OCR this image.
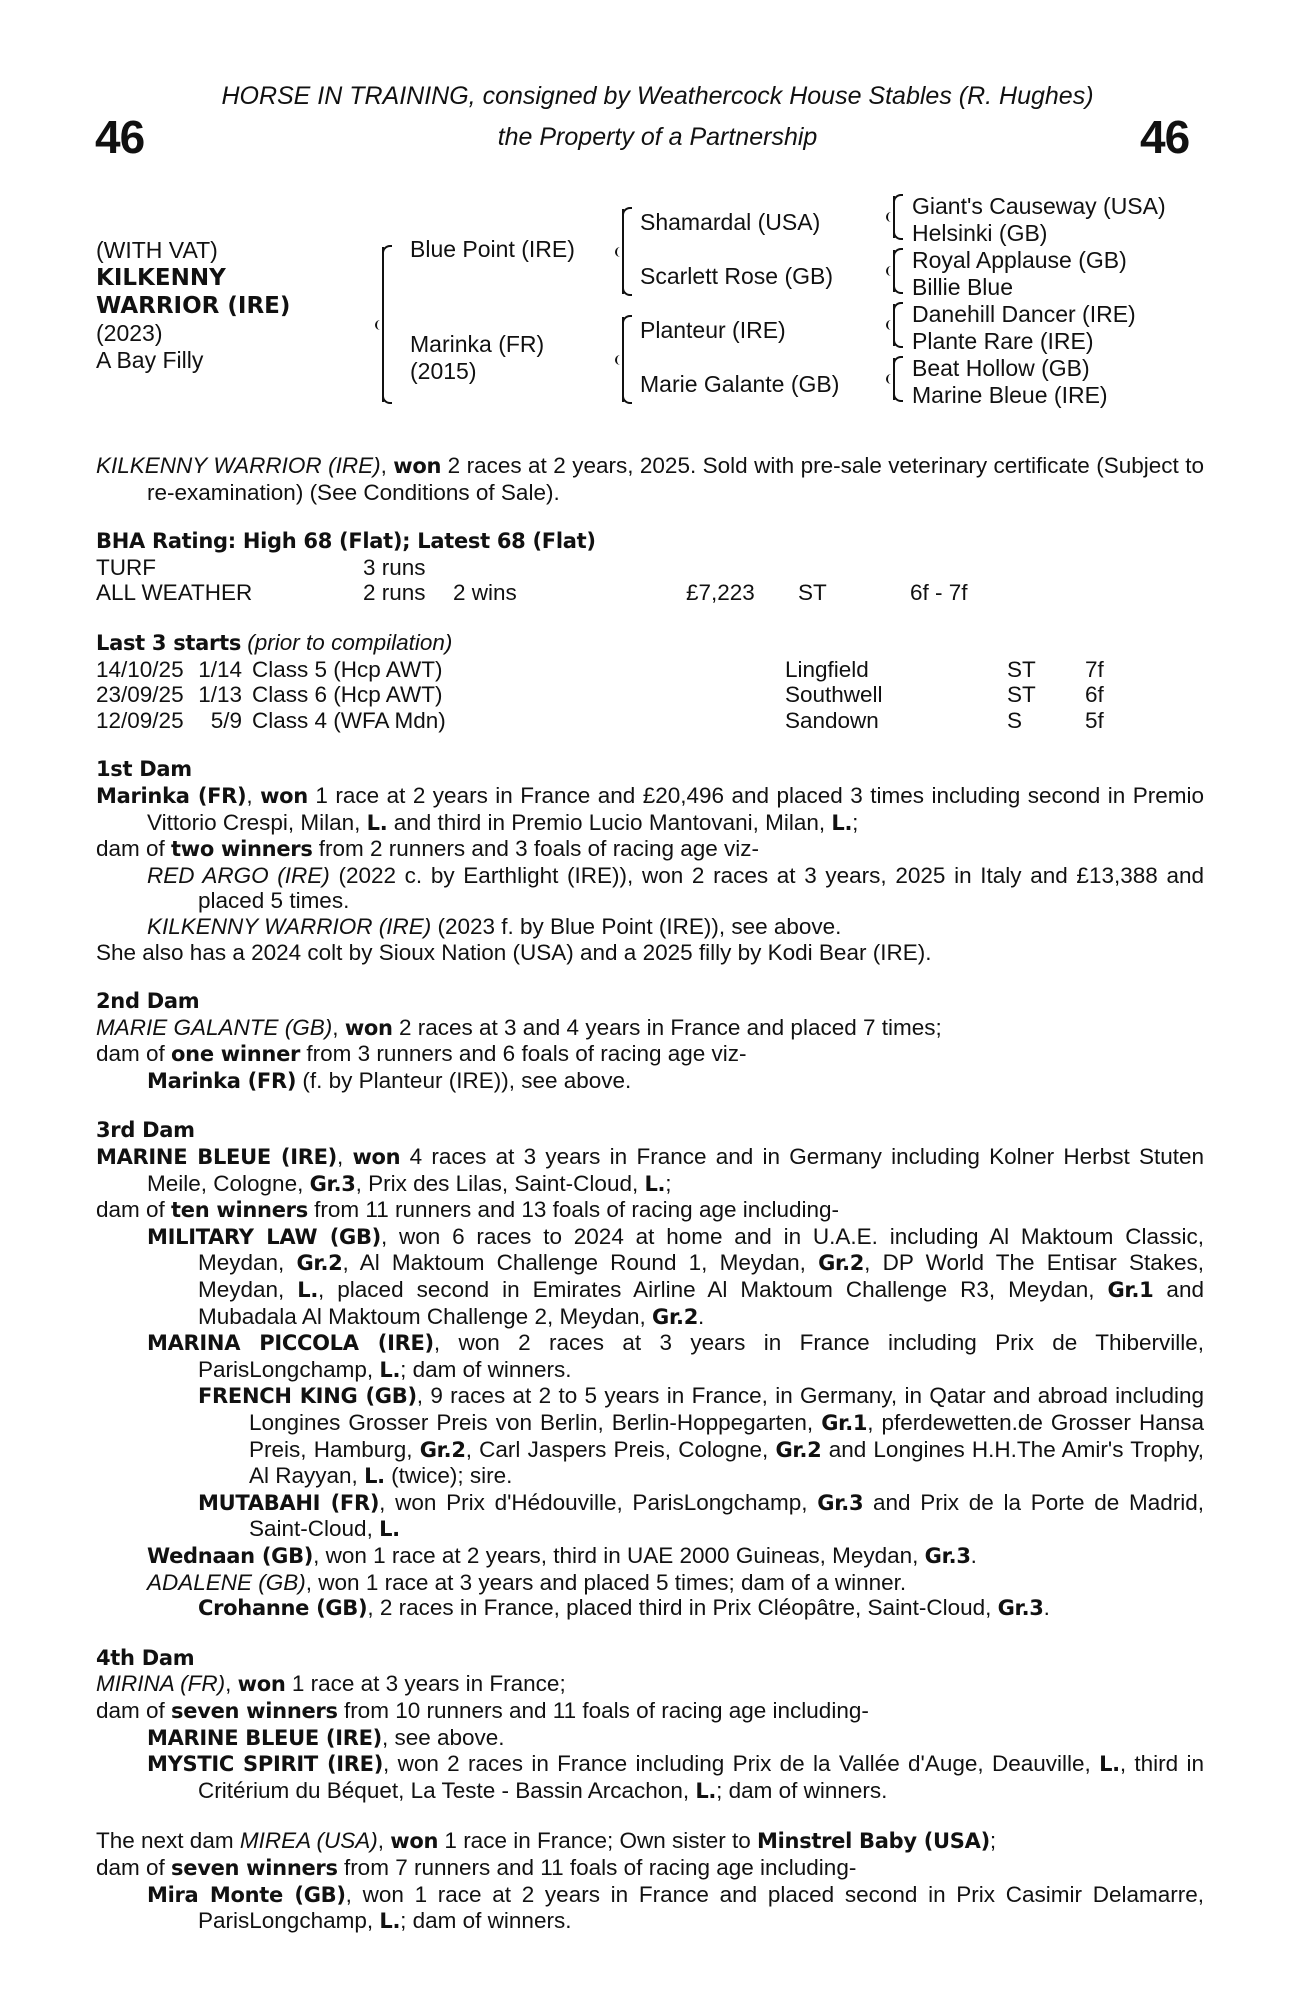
HORSE IN TRAINING, consigned by Weathercock House Stables (R. Hughes)
the Property of a Partnership
46	46
(WITH VAT)
KILKENNY
WARRIOR (IRE)
(2023)
A Bay Filly
Blue Point (IRE)
Marinka (FR)
(2015)
Shamardal (USA)
Scarlett Rose (GB)
Planteur (IRE)
Marie Galante (GB)
Giant's Causeway (USA)
Helsinki (GB)
Royal Applause (GB)
Billie Blue
Danehill Dancer (IRE)
Plante Rare (IRE)
Beat Hollow (GB)
Marine Bleue (IRE)

KILKENNY WARRIOR (IRE), won 2 races at 2 years, 2025. Sold with pre-sale veterinary certificate (Subject to re-examination) (See Conditions of Sale).

BHA Rating: High 68 (Flat); Latest 68 (Flat)

TURF	3 runs				
ALL WEATHER	2 runs	2 wins	£7,223	ST	6f - 7f

Last 3 starts (prior to compilation)

14/10/25	1/14	Class 5 (Hcp AWT)	Lingfield	ST	7f
23/09/25	1/13	Class 6 (Hcp AWT)	Southwell	ST	6f
12/09/25	5/9	Class 4 (WFA Mdn)	Sandown	S	5f

1st Dam

Marinka (FR), won 1 race at 2 years in France and £20,496 and placed 3 times including second in Premio Vittorio Crespi, Milan, L. and third in Premio Lucio Mantovani, Milan, L.;

dam of two winners from 2 runners and 3 foals of racing age viz-

RED ARGO (IRE) (2022 c. by Earthlight (IRE)), won 2 races at 3 years, 2025 in Italy and £13,388 and placed 5 times.

KILKENNY WARRIOR (IRE) (2023 f. by Blue Point (IRE)), see above.

She also has a 2024 colt by Sioux Nation (USA) and a 2025 filly by Kodi Bear (IRE).

2nd Dam

MARIE GALANTE (GB), won 2 races at 3 and 4 years in France and placed 7 times;

dam of one winner from 3 runners and 6 foals of racing age viz-

Marinka (FR) (f. by Planteur (IRE)), see above.

3rd Dam

MARINE BLEUE (IRE), won 4 races at 3 years in France and in Germany including Kolner Herbst Stuten Meile, Cologne, Gr.3, Prix des Lilas, Saint-Cloud, L.;

dam of ten winners from 11 runners and 13 foals of racing age including-

MILITARY LAW (GB), won 6 races to 2024 at home and in U.A.E. including Al Maktoum Classic, Meydan, Gr.2, Al Maktoum Challenge Round 1, Meydan, Gr.2, DP World The Entisar Stakes, Meydan, L., placed second in Emirates Airline Al Maktoum Challenge R3, Meydan, Gr.1 and Mubadala Al Maktoum Challenge 2, Meydan, Gr.2.

MARINA PICCOLA (IRE), won 2 races at 3 years in France including Prix de Thiberville, ParisLongchamp, L.; dam of winners.

FRENCH KING (GB), 9 races at 2 to 5 years in France, in Germany, in Qatar and abroad including Longines Grosser Preis von Berlin, Berlin-Hoppegarten, Gr.1, pferdewetten.de Grosser Hansa Preis, Hamburg, Gr.2, Carl Jaspers Preis, Cologne, Gr.2 and Longines H.H.The Amir's Trophy, Al Rayyan, L. (twice); sire.

MUTABAHI (FR), won Prix d'Hédouville, ParisLongchamp, Gr.3 and Prix de la Porte de Madrid, Saint-Cloud, L.

Wednaan (GB), won 1 race at 2 years, third in UAE 2000 Guineas, Meydan, Gr.3.

ADALENE (GB), won 1 race at 3 years and placed 5 times; dam of a winner.

Crohanne (GB), 2 races in France, placed third in Prix Cléopâtre, Saint-Cloud, Gr.3.

4th Dam

MIRINA (FR), won 1 race at 3 years in France;

dam of seven winners from 10 runners and 11 foals of racing age including-

MARINE BLEUE (IRE), see above.

MYSTIC SPIRIT (IRE), won 2 races in France including Prix de la Vallée d'Auge, Deauville, L., third in Critérium du Béquet, La Teste - Bassin Arcachon, L.; dam of winners.

The next dam MIREA (USA), won 1 race in France; Own sister to Minstrel Baby (USA);

dam of seven winners from 7 runners and 11 foals of racing age including-

Mira Monte (GB), won 1 race at 2 years in France and placed second in Prix Casimir Delamarre, ParisLongchamp, L.; dam of winners.
